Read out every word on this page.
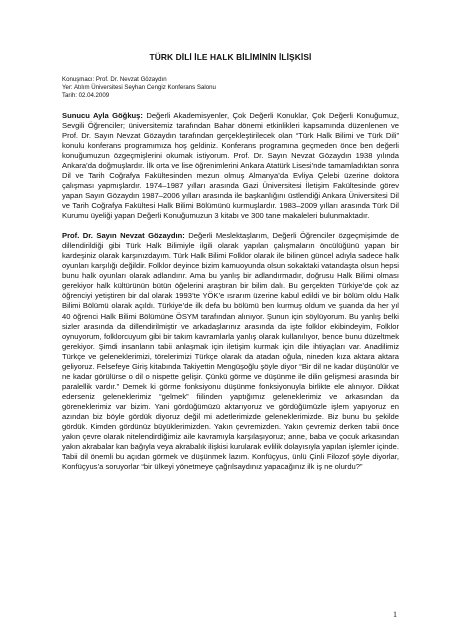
TÜRK DİLİ İLE HALK BİLİMİNİN İLİŞKİSİ
Konuşmacı: Prof. Dr. Nevzat Gözaydın
Yer: Atılım Üniversitesi Seyhan Cengiz Konferans Salonu
Tarih: 02.04.2009

Sunucu Ayla Göğkuş: Değerli Akademisyenler, Çok Değerli Konuklar, Çok Değerli Konuğumuz, Sevgili Öğrenciler; üniversitemiz tarafından Bahar dönemi etkinlikleri kapsamında düzenlenen ve Prof. Dr. Sayın Nevzat Gözaydın tarafından gerçekleştirilecek olan “Türk Halk Bilimi ve Türk Dili” konulu konferans programımıza hoş geldiniz. Konferans programına geçmeden önce ben değerli konuğumuzun özgeçmişlerini okumak istiyorum. Prof. Dr. Sayın Nevzat Gözaydın 1938 yılında Ankara’da doğmuşlardır. İlk orta ve lise öğrenimlerini Ankara Atatürk Lisesi’nde tamamladıktan sonra Dil ve Tarih Coğrafya Fakültesinden mezun olmuş Almanya’da Evliya Çelebi üzerine doktora çalışması yapmışlardır. 1974–1987 yılları arasında Gazi Üniversitesi İletişim Fakültesinde görev yapan Sayın Gözaydın 1987–2006 yılları arasında ile başkanlığını üstlendiği Ankara Üniversitesi Dil ve Tarih Coğrafya Fakültesi Halk Bilimi Bölümünü kurmuşlardır. 1983–2009 yılları arasında Türk Dil Kurumu üyeliği yapan Değerli Konuğumuzun 3 kitabı ve 300 tane makaleleri bulunmaktadır.

Prof. Dr. Sayın Nevzat Gözaydın: Değerli Meslektaşlarım, Değerli Öğrenciler özgeçmişimde de dillendirildiği gibi Türk Halk Bilimiyle ilgili olarak yapılan çalışmaların öncülüğünü yapan bir kardeşiniz olarak karşınızdayım. Türk Halk Bilimi Folklor olarak ile bilinen güncel adıyla sadece halk oyunları karşılığı değildir. Folklor deyince bizim kamuoyunda olsun sokaktaki vatandaşta olsun hepsi bunu halk oyunları olarak adlandırır. Ama bu yanlış bir adlandırmadır, doğrusu Halk Bilimi olması gerekiyor halk kültürünün bütün öğelerini araştıran bir bilim dalı. Bu gerçekten Türkiye’de çok az öğrenciyi yetiştiren bir dal olarak 1993’te YÖK’e ısrarım üzerine kabul edildi ve bir bölüm oldu Halk Bilimi Bölümü olarak açıldı. Türkiye’de ilk defa bu bölümü ben kurmuş oldum ve şuanda da her yıl 40 öğrenci Halk Bilimi Bölümüne ÖSYM tarafından alınıyor. Şunun için söylüyorum. Bu yanlış belki sizler arasında da dillendirilmiştir ve arkadaşlarınız arasında da işte folklor ekibindeyim, Folklor oynuyorum, folklorcuyum gibi bir takım kavramlarla yanlış olarak kullanılıyor, bence bunu düzeltmek gerekiyor. Şimdi insanların tabii anlaşmak için iletişim kurmak için dile ihtiyaçları var. Anadilimiz Türkçe ve geleneklerimizi, törelerimizi Türkçe olarak da atadan oğula, nineden kıza aktara aktara geliyoruz. Felsefeye Giriş kitabında Takiyettin Mengüşoğlu şöyle diyor “Bir dil ne kadar düşünülür ve ne kadar görülürse o dil o nispette gelişir. Çünkü görme ve düşünme ile dilin gelişmesi arasında bir paralellik vardır.” Demek ki görme fonksiyonu düşünme fonksiyonuyla birlikte ele alınıyor. Dikkat ederseniz geleneklerimiz “gelmek” fiilinden yaptığımız geleneklerimiz ve arkasından da göreneklerimiz var bizim. Yani gördüğümüzü aktarıyoruz ve gördüğümüzle işlem yapıyoruz en azından biz böyle gördük diyoruz değil mi adetlerimizde geleneklerimizde. Biz bunu bu şekilde gördük. Kimden gördünüz büyüklerimizden. Yakın çevremizden. Yakın çevremiz derken tabii önce yakın çevre olarak nitelendirdiğimiz aile kavramıyla karşılaşıyoruz; anne, baba ve çocuk arkasından yakın akrabalar kan bağıyla veya akrabalık ilişkisi kurularak evlilik dolayısıyla yapılan işlemler içinde. Tabii dil önemli bu açıdan görmek ve düşünmek lazım. Konfüçyus, ünlü Çinli Filozof şöyle diyorlar, Konfüçyus’a soruyorlar “bir ülkeyi yönetmeye çağrılsaydınız yapacağınız ilk iş ne olurdu?”

1
